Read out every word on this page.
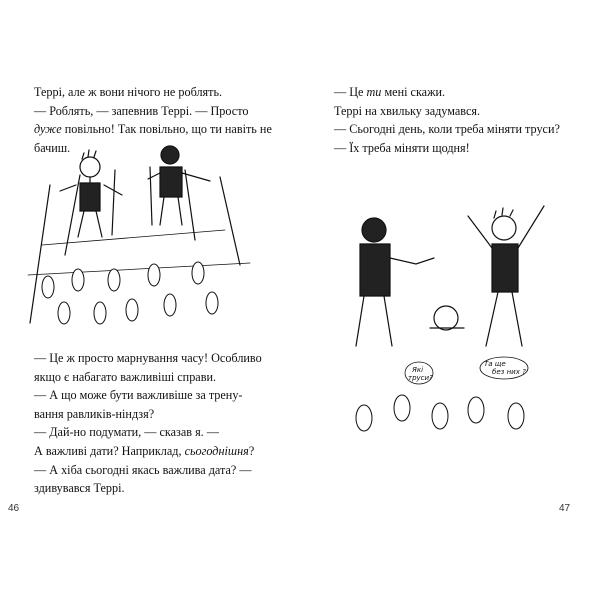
Террі, але ж вони нічого не роблять.

— Роблять, — запевнив Террі. — Просто

дуже повільно! Так повільно, що ти навіть не

бачиш.

— Це ж просто марнування часу! Особливо

якщо є набагато важливіші справи.

— А що може бути важливіше за трену-

вання равликів-ніндзя?

— Дай-но подумати, — сказав я. —

А важливі дати? Наприклад, сьогоднішня?

— А хіба сьогодні якась важлива дата? —

здивувався Террі.

46

— Це ти мені скажи.

Террі на хвильку задумався.

— Сьогодні день, коли треба міняти труси?

— Їх треба міняти щодня!

Які
труси?
Та ще
без них ?
47
